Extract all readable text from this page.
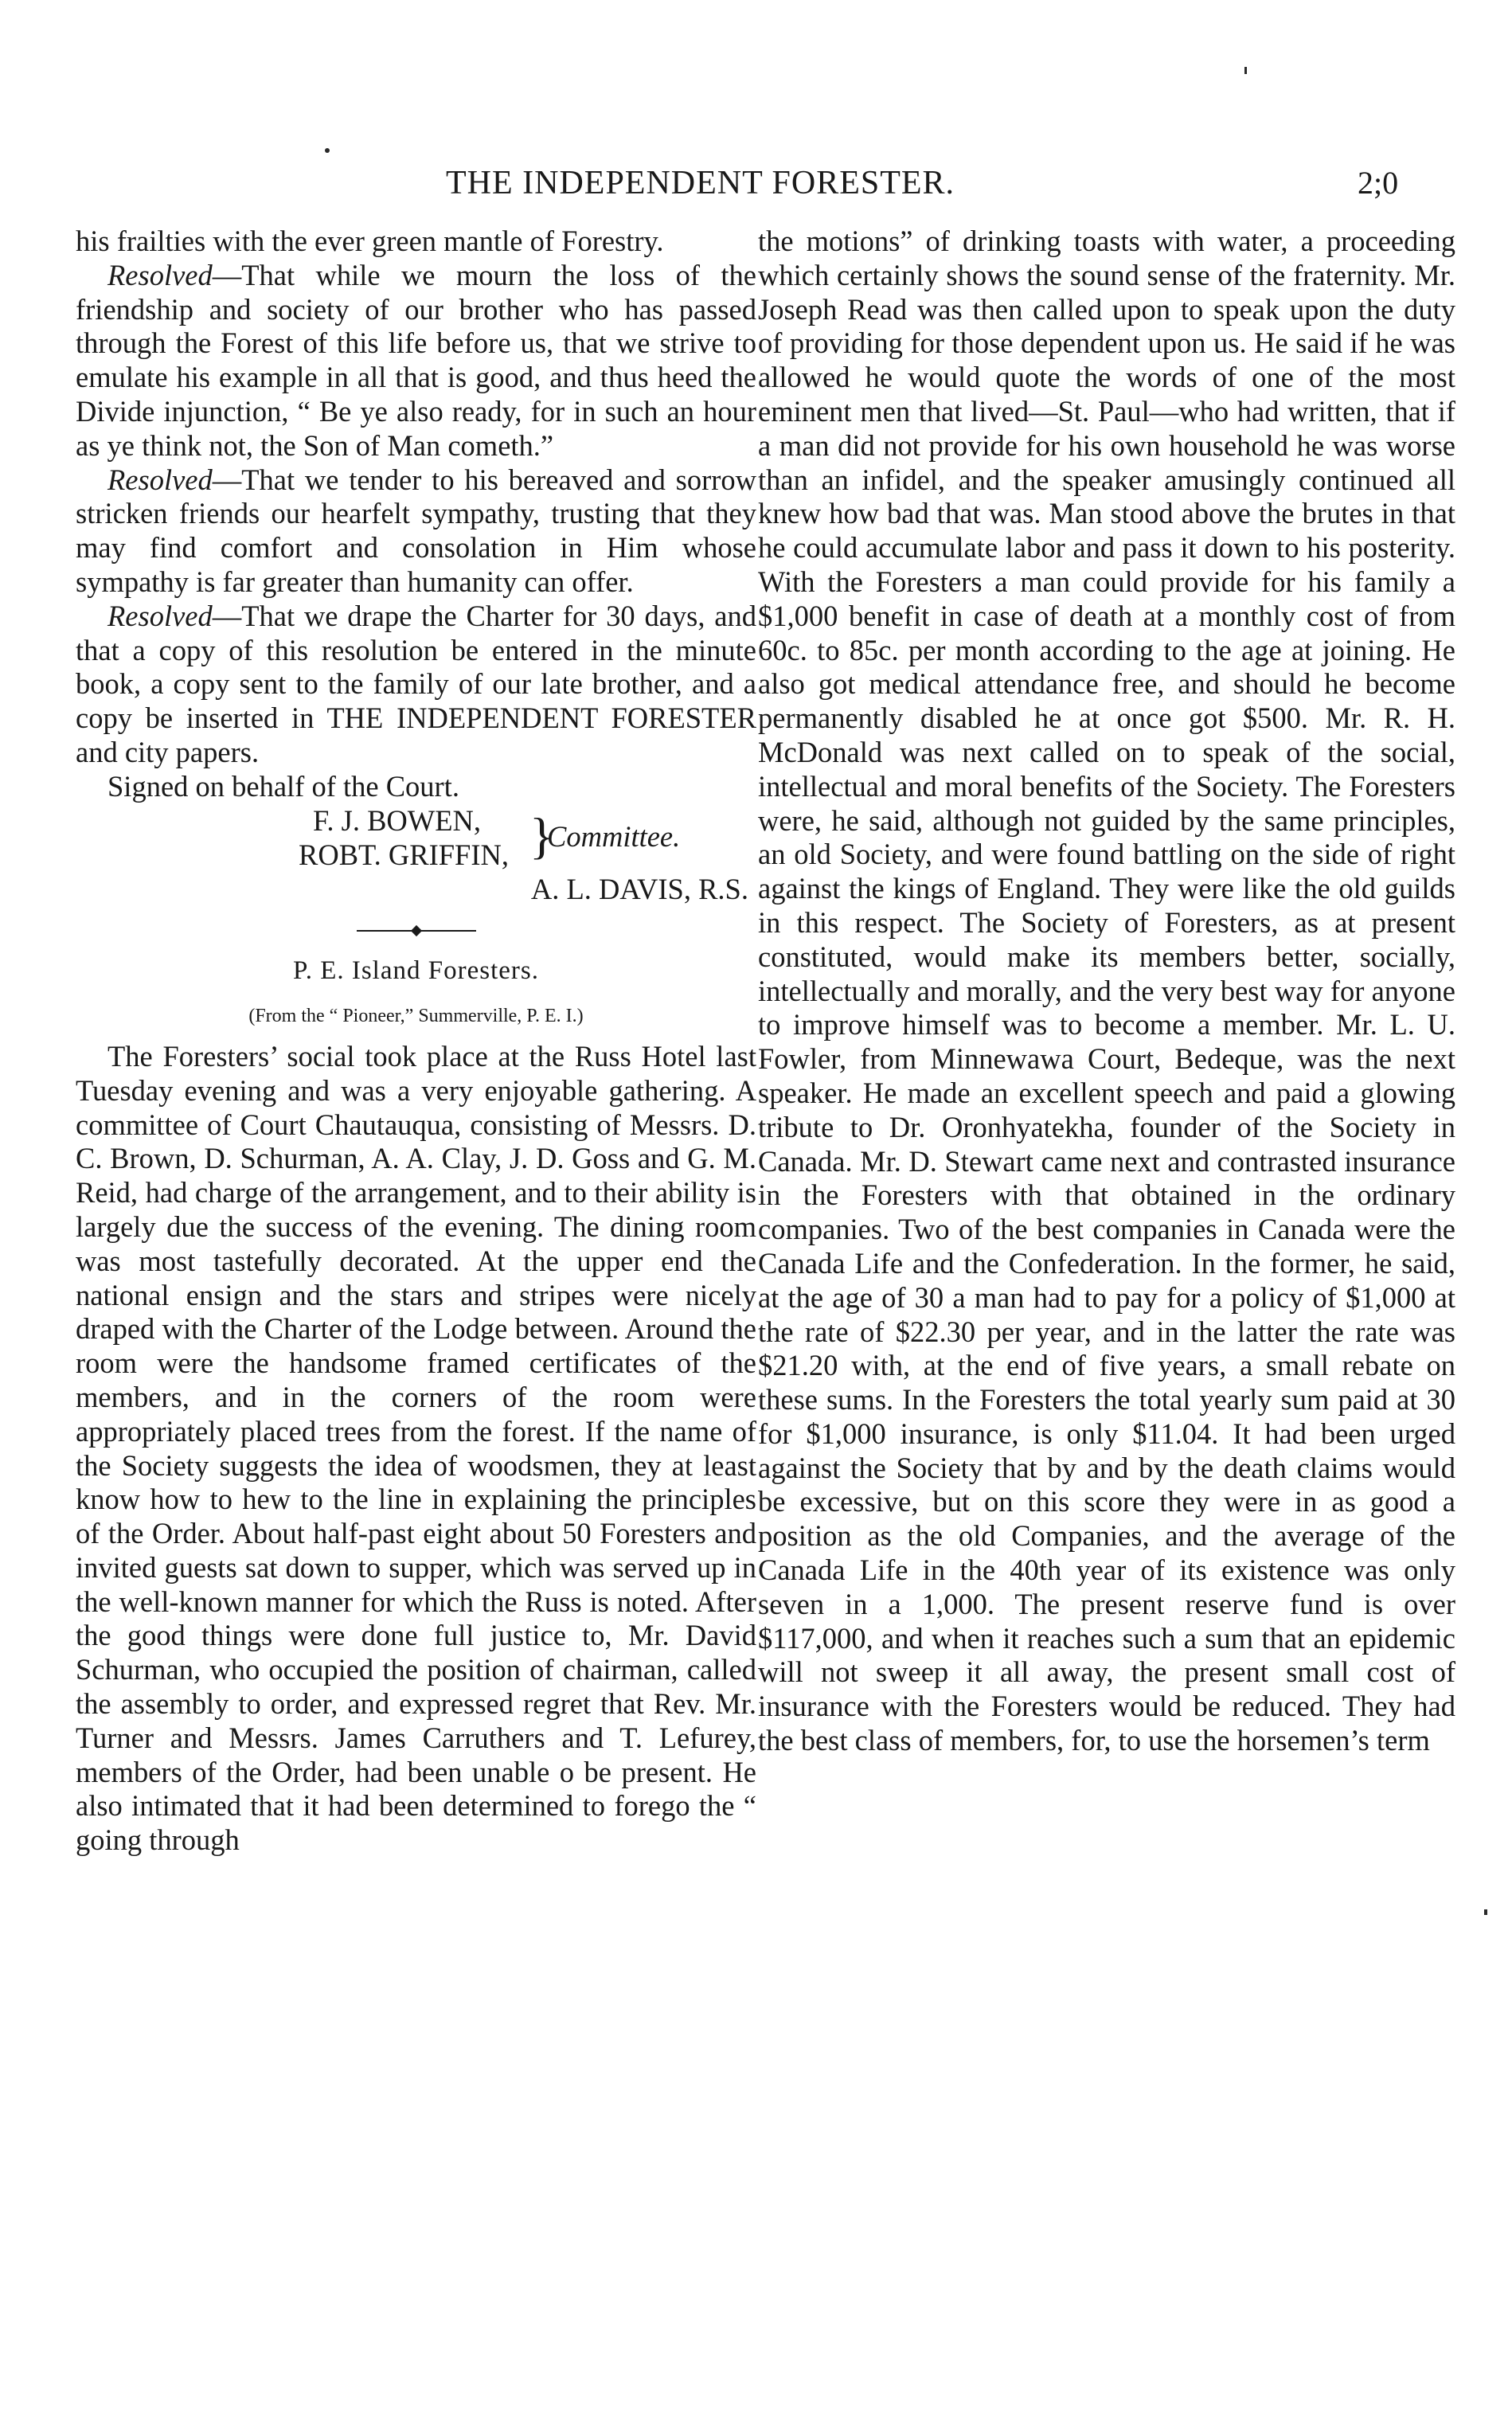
THE INDEPENDENT FORESTER.	2;0

his frailties with the ever green mantle of Forestry.

Resolved—That while we mourn the loss of the friendship and society of our brother who has passed through the Forest of this life before us, that we strive to emulate his example in all that is good, and thus heed the Divide injunction, “ Be ye also ready, for in such an hour as ye think not, the Son of Man cometh.”

Resolved—That we tender to his bereaved and sorrow stricken friends our hearfelt sympathy, trusting that they may find comfort and consolation in Him whose sympathy is far greater than humanity can offer.

Resolved—That we drape the Charter for 30 days, and that a copy of this resolution be entered in the minute book, a copy sent to the family of our late brother, and a copy be inserted in THE INDEPENDENT FORESTER and city papers.

Signed on behalf of the Court.

F. J. BOWEN,
ROBT. GRIFFIN, }
Committee.
A. L. DAVIS, R.S.
P. E. Island Foresters.
(From the “ Pioneer,” Summerville, P. E. I.)

The Foresters’ social took place at the Russ Hotel last Tuesday evening and was a very enjoyable gathering. A committee of Court Chautauqua, consisting of Messrs. D. C. Brown, D. Schurman, A. A. Clay, J. D. Goss and G. M. Reid, had charge of the arrangement, and to their ability is largely due the success of the evening. The dining room was most tastefully decorated. At the upper end the national ensign and the stars and stripes were nicely draped with the Charter of the Lodge between. Around the room were the handsome framed certificates of the members, and in the corners of the room were appropriately placed trees from the forest. If the name of the Society suggests the idea of woodsmen, they at least know how to hew to the line in explaining the principles of the Order. About half-past eight about 50 Foresters and invited guests sat down to supper, which was served up in the well-known manner for which the Russ is noted. After the good things were done full justice to, Mr. David Schurman, who occupied the position of chairman, called the assembly to order, and expressed regret that Rev. Mr. Turner and Messrs. James Carruthers and T. Lefurey, members of the Order, had been unable o be present. He also intimated that it had been determined to forego the “ going through

the motions” of drinking toasts with water, a proceeding which certainly shows the sound sense of the fraternity. Mr. Joseph Read was then called upon to speak upon the duty of providing for those dependent upon us. He said if he was allowed he would quote the words of one of the most eminent men that lived—St. Paul—who had written, that if a man did not provide for his own household he was worse than an infidel, and the speaker amusingly continued all knew how bad that was. Man stood above the brutes in that he could accumulate labor and pass it down to his posterity. With the Foresters a man could provide for his family a $1,000 benefit in case of death at a monthly cost of from 60c. to 85c. per month according to the age at joining. He also got medical attendance free, and should he become permanently disabled he at once got $500. Mr. R. H. McDonald was next called on to speak of the social, intellectual and moral benefits of the Society. The Foresters were, he said, although not guided by the same principles, an old Society, and were found battling on the side of right against the kings of England. They were like the old guilds in this respect. The Society of Foresters, as at present constituted, would make its members better, socially, intellectually and morally, and the very best way for anyone to improve himself was to become a member. Mr. L. U. Fowler, from Minnewawa Court, Bedeque, was the next speaker. He made an excellent speech and paid a glowing tribute to Dr. Oronhyatekha, founder of the Society in Canada. Mr. D. Stewart came next and contrasted insurance in the Foresters with that obtained in the ordinary companies. Two of the best companies in Canada were the Canada Life and the Confederation. In the former, he said, at the age of 30 a man had to pay for a policy of $1,000 at the rate of $22.30 per year, and in the latter the rate was $21.20 with, at the end of five years, a small rebate on these sums. In the Foresters the total yearly sum paid at 30 for $1,000 insurance, is only $11.04. It had been urged against the Society that by and by the death claims would be excessive, but on this score they were in as good a position as the old Companies, and the average of the Canada Life in the 40th year of its existence was only seven in a 1,000. The present reserve fund is over $117,000, and when it reaches such a sum that an epidemic will not sweep it all away, the present small cost of insurance with the Foresters would be reduced. They had the best class of members, for, to use the horsemen’s term
